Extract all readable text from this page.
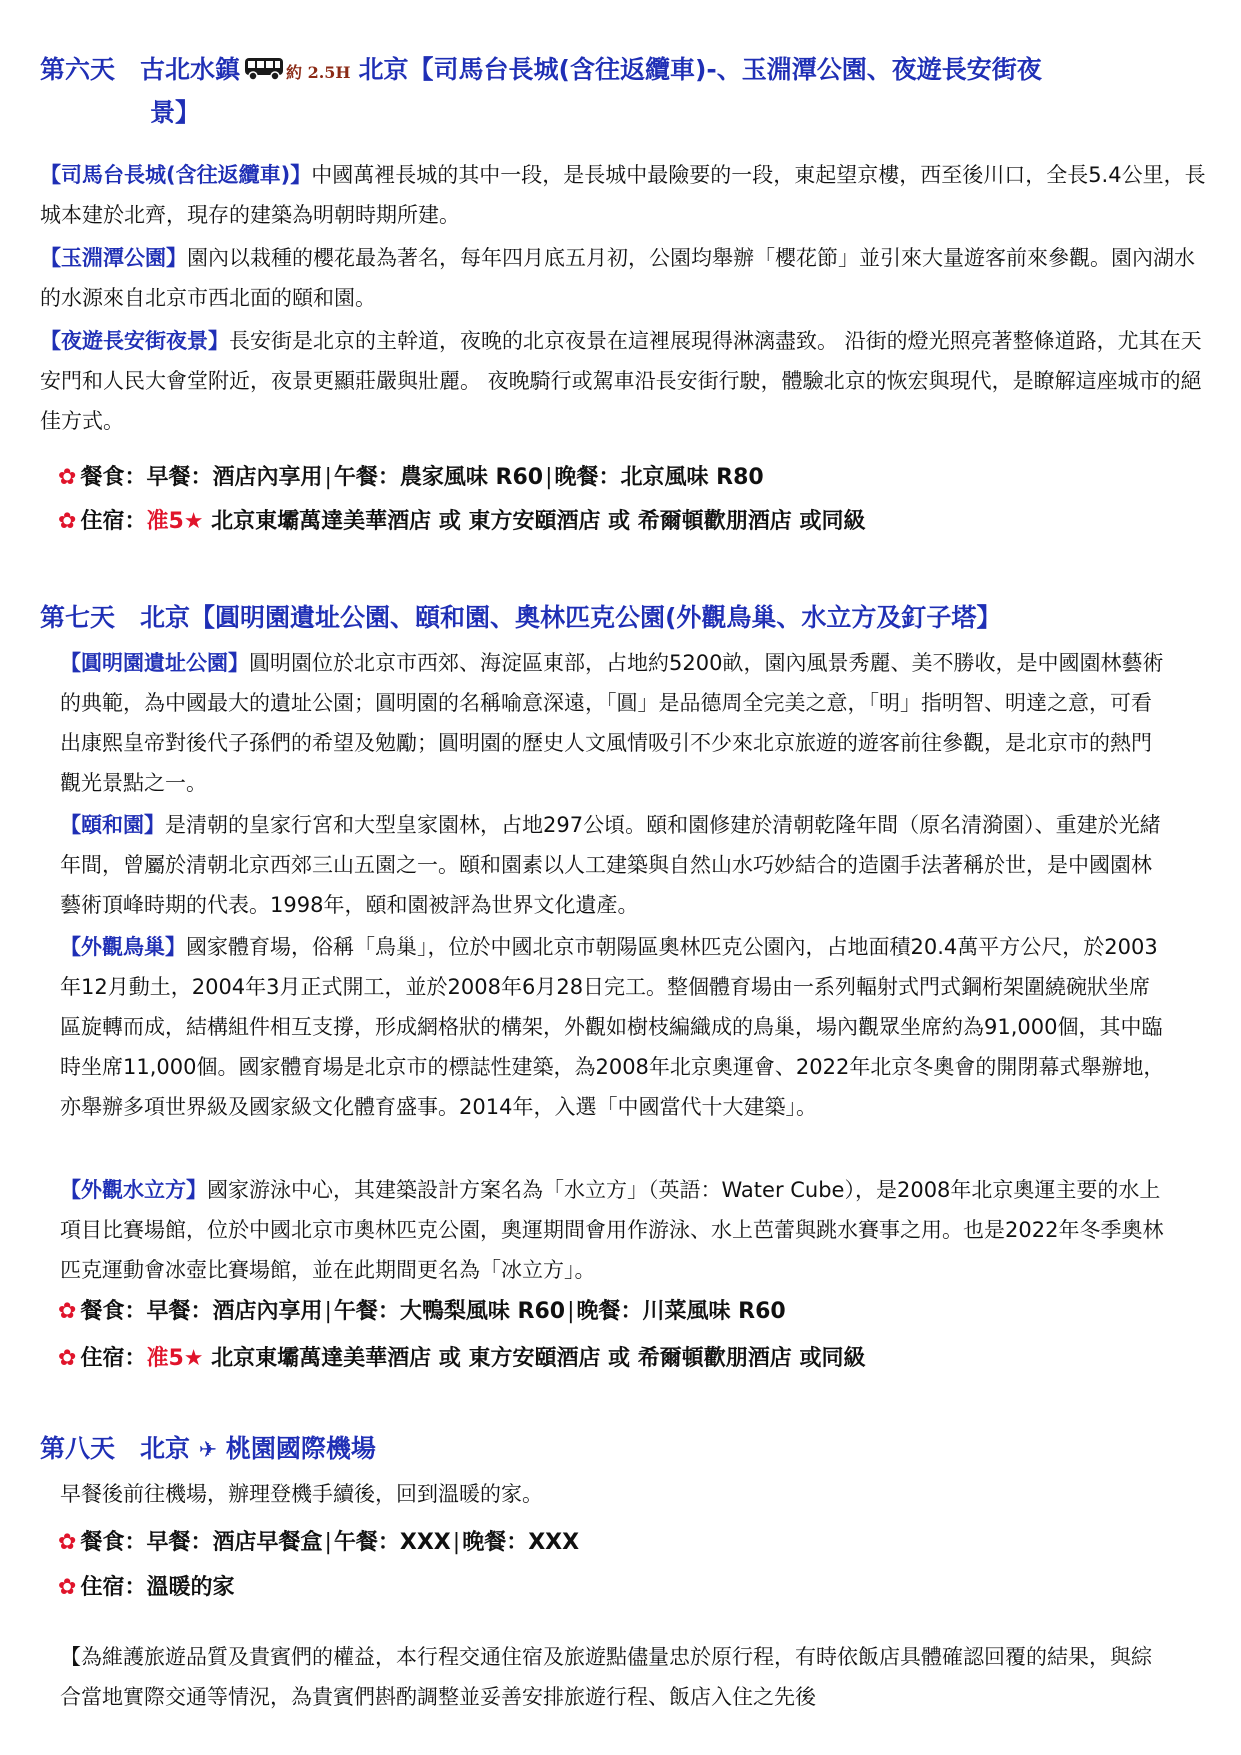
第六天　古北水鎮	約 2.5H 北京【司馬台長城(含往返纜車)-、玉淵潭公園、夜遊長安街夜
景】

【司馬台長城(含往返纜車)】中國萬裡長城的其中一段，是長城中最險要的一段，東起望京樓，西至後川口，全長5.4公里，長城本建於北齊，現存的建築為明朝時期所建。

【玉淵潭公園】園內以栽種的櫻花最為著名，每年四月底五月初，公園均舉辦「櫻花節」並引來大量遊客前來參觀。園內湖水的水源來自北京市西北面的頤和園。

【夜遊長安街夜景】長安街是北京的主幹道，夜晚的北京夜景在這裡展現得淋漓盡致。 沿街的燈光照亮著整條道路，尤其在天安門和人民大會堂附近，夜景更顯莊嚴與壯麗。 夜晚騎行或駕車沿長安街行駛，體驗北京的恢宏與現代，是瞭解這座城市的絕佳方式。

✿ 餐食：早餐：酒店內享用|午餐：農家風味 R60|晚餐：北京風味 R80
✿ 住宿：准5★ 北京東壩萬達美華酒店 或 東方安頤酒店 或 希爾頓歡朋酒店 或同級
第七天　北京【圓明園遺址公園、頤和園、奧林匹克公園(外觀鳥巢、水立方及釘子塔】

【圓明園遺址公園】圓明園位於北京市西郊、海淀區東部，占地約5200畝，園內風景秀麗、美不勝收，是中國園林藝術的典範，為中國最大的遺址公園；圓明園的名稱喻意深遠，「圓」是品德周全完美之意，「明」指明智、明達之意，可看出康熙皇帝對後代子孫們的希望及勉勵；圓明園的歷史人文風情吸引不少來北京旅遊的遊客前往參觀，是北京市的熱門觀光景點之一。

【頤和園】是清朝的皇家行宮和大型皇家園林，占地297公頃。頤和園修建於清朝乾隆年間（原名清漪園）、重建於光緒年間，曾屬於清朝北京西郊三山五園之一。頤和園素以人工建築與自然山水巧妙結合的造園手法著稱於世，是中國園林藝術頂峰時期的代表。1998年，頤和園被評為世界文化遺產。

【外觀鳥巢】國家體育場，俗稱「鳥巢」，位於中國北京市朝陽區奧林匹克公園內，占地面積20.4萬平方公尺，於2003年12月動土，2004年3月正式開工，並於2008年6月28日完工。整個體育場由一系列輻射式門式鋼桁架圍繞碗狀坐席區旋轉而成，結構組件相互支撐，形成網格狀的構架，外觀如樹枝編織成的鳥巢，場內觀眾坐席約為91,000個，其中臨時坐席11,000個。國家體育場是北京市的標誌性建築，為2008年北京奧運會、2022年北京冬奧會的開閉幕式舉辦地，亦舉辦多項世界級及國家級文化體育盛事。2014年，入選「中國當代十大建築」。

【外觀水立方】國家游泳中心，其建築設計方案名為「水立方」（英語：Water Cube），是2008年北京奧運主要的水上項目比賽場館，位於中國北京市奧林匹克公園，奧運期間會用作游泳、水上芭蕾與跳水賽事之用。也是2022年冬季奧林匹克運動會冰壺比賽場館，並在此期間更名為「冰立方」。

✿ 餐食：早餐：酒店內享用|午餐：大鴨梨風味 R60|晚餐：川菜風味 R60
✿ 住宿：准5★ 北京東壩萬達美華酒店 或 東方安頤酒店 或 希爾頓歡朋酒店 或同級
第八天　北京 ✈ 桃園國際機場

早餐後前往機場，辦理登機手續後，回到溫暖的家。

✿ 餐食：早餐：酒店早餐盒|午餐：XXX|晚餐：XXX
✿ 住宿：溫暖的家

【為維護旅遊品質及貴賓們的權益，本行程交通住宿及旅遊點儘量忠於原行程，有時依飯店具體確認回覆的結果，與綜合當地實際交通等情況，為貴賓們斟酌調整並妥善安排旅遊行程、飯店入住之先後
